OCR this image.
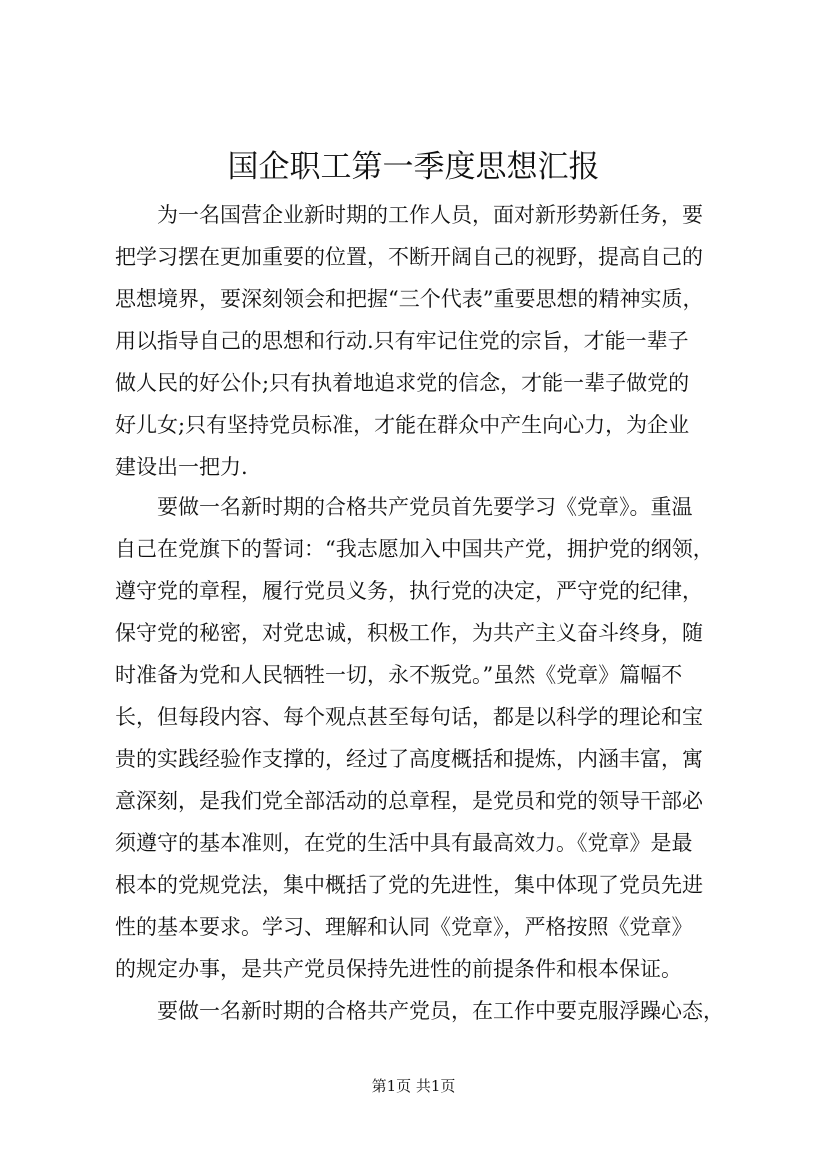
国企职工第一季度思想汇报
为一名国营企业新时期的工作人员，面对新形势新任务，要
把学习摆在更加重要的位置，不断开阔自己的视野，提高自己的
思想境界，要深刻领会和把握“三个代表”重要思想的精神实质，
用以指导自己的思想和行动.只有牢记住党的宗旨，才能一辈子
做人民的好公仆;只有执着地追求党的信念，才能一辈子做党的
好儿女;只有坚持党员标准，才能在群众中产生向心力，为企业
建设出一把力.
要做一名新时期的合格共产党员首先要学习《党章》。重温
自己在党旗下的誓词：“我志愿加入中国共产党，拥护党的纲领，
遵守党的章程，履行党员义务，执行党的决定，严守党的纪律，
保守党的秘密，对党忠诚，积极工作，为共产主义奋斗终身，随
时准备为党和人民牺牲一切，永不叛党。”虽然《党章》篇幅不
长，但每段内容、每个观点甚至每句话，都是以科学的理论和宝
贵的实践经验作支撑的，经过了高度概括和提炼，内涵丰富，寓
意深刻，是我们党全部活动的总章程，是党员和党的领导干部必
须遵守的基本准则，在党的生活中具有最高效力。《党章》是最
根本的党规党法，集中概括了党的先进性，集中体现了党员先进
性的基本要求。学习、理解和认同《党章》，严格按照《党章》
的规定办事，是共产党员保持先进性的前提条件和根本保证。
要做一名新时期的合格共产党员，在工作中要克服浮躁心态，
第1页 共1页
